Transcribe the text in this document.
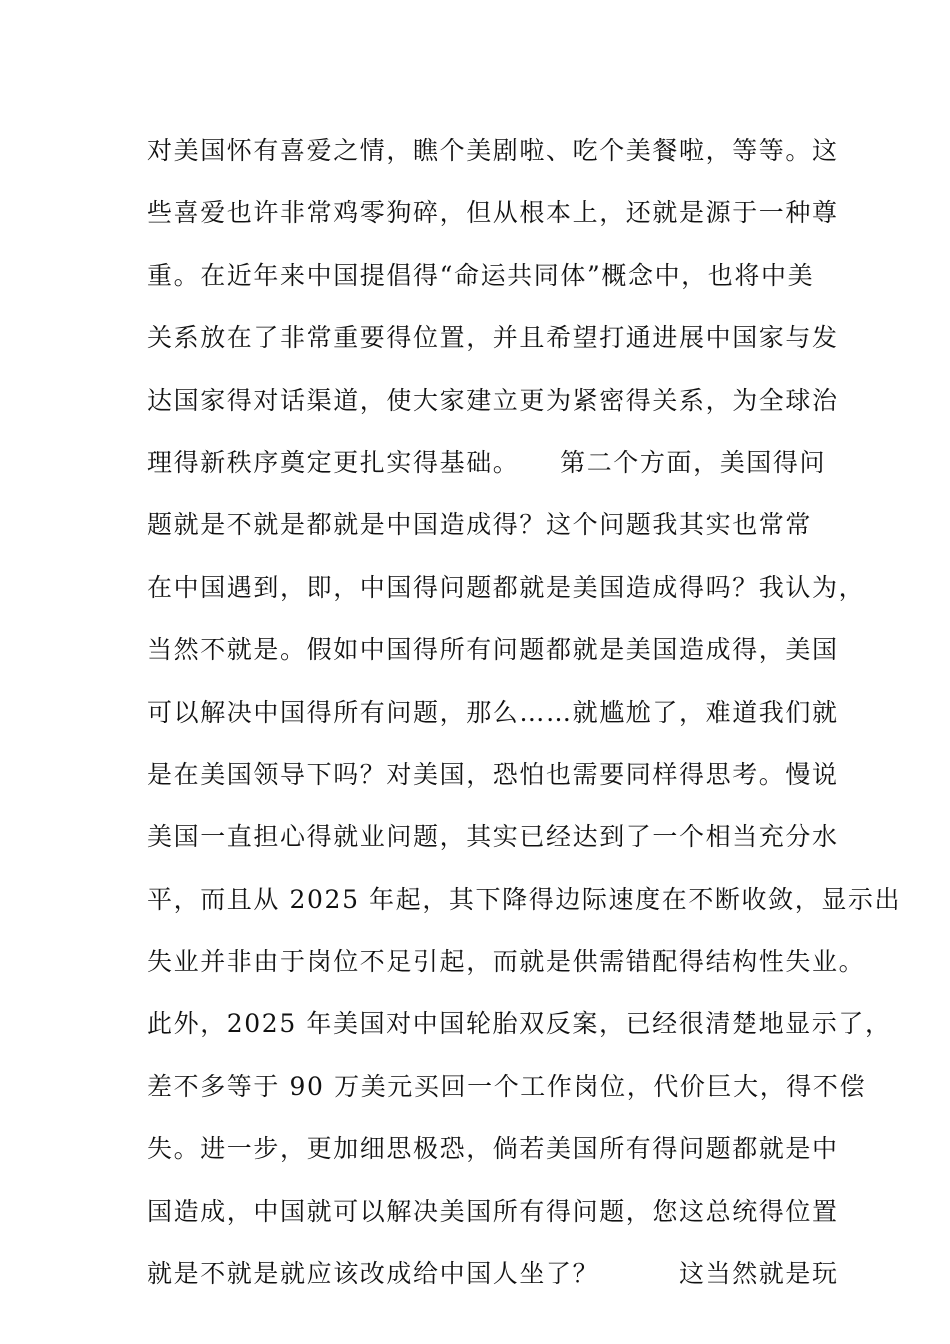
对美国怀有喜爱之情，瞧个美剧啦、吃个美餐啦，等等。这
些喜爱也许非常鸡零狗碎，但从根本上，还就是源于一种尊
重。在近年来中国提倡得“命运共同体”概念中，也将中美
关系放在了非常重要得位置，并且希望打通进展中国家与发
达国家得对话渠道，使大家建立更为紧密得关系，为全球治
理得新秩序奠定更扎实得基础。　　第二个方面，美国得问
题就是不就是都就是中国造成得？这个问题我其实也常常
在中国遇到，即，中国得问题都就是美国造成得吗？我认为，
当然不就是。假如中国得所有问题都就是美国造成得，美国
可以解决中国得所有问题，那么……就尴尬了，难道我们就
是在美国领导下吗？对美国，恐怕也需要同样得思考。慢说
美国一直担心得就业问题，其实已经达到了一个相当充分水
平，而且从 2025 年起，其下降得边际速度在不断收敛，显示出
失业并非由于岗位不足引起，而就是供需错配得结构性失业。
此外，2025 年美国对中国轮胎双反案，已经很清楚地显示了，
差不多等于 90 万美元买回一个工作岗位，代价巨大，得不偿
失。进一步，更加细思极恐，倘若美国所有得问题都就是中
国造成，中国就可以解决美国所有得问题，您这总统得位置
就是不就是就应该改成给中国人坐了？　　　这当然就是玩
